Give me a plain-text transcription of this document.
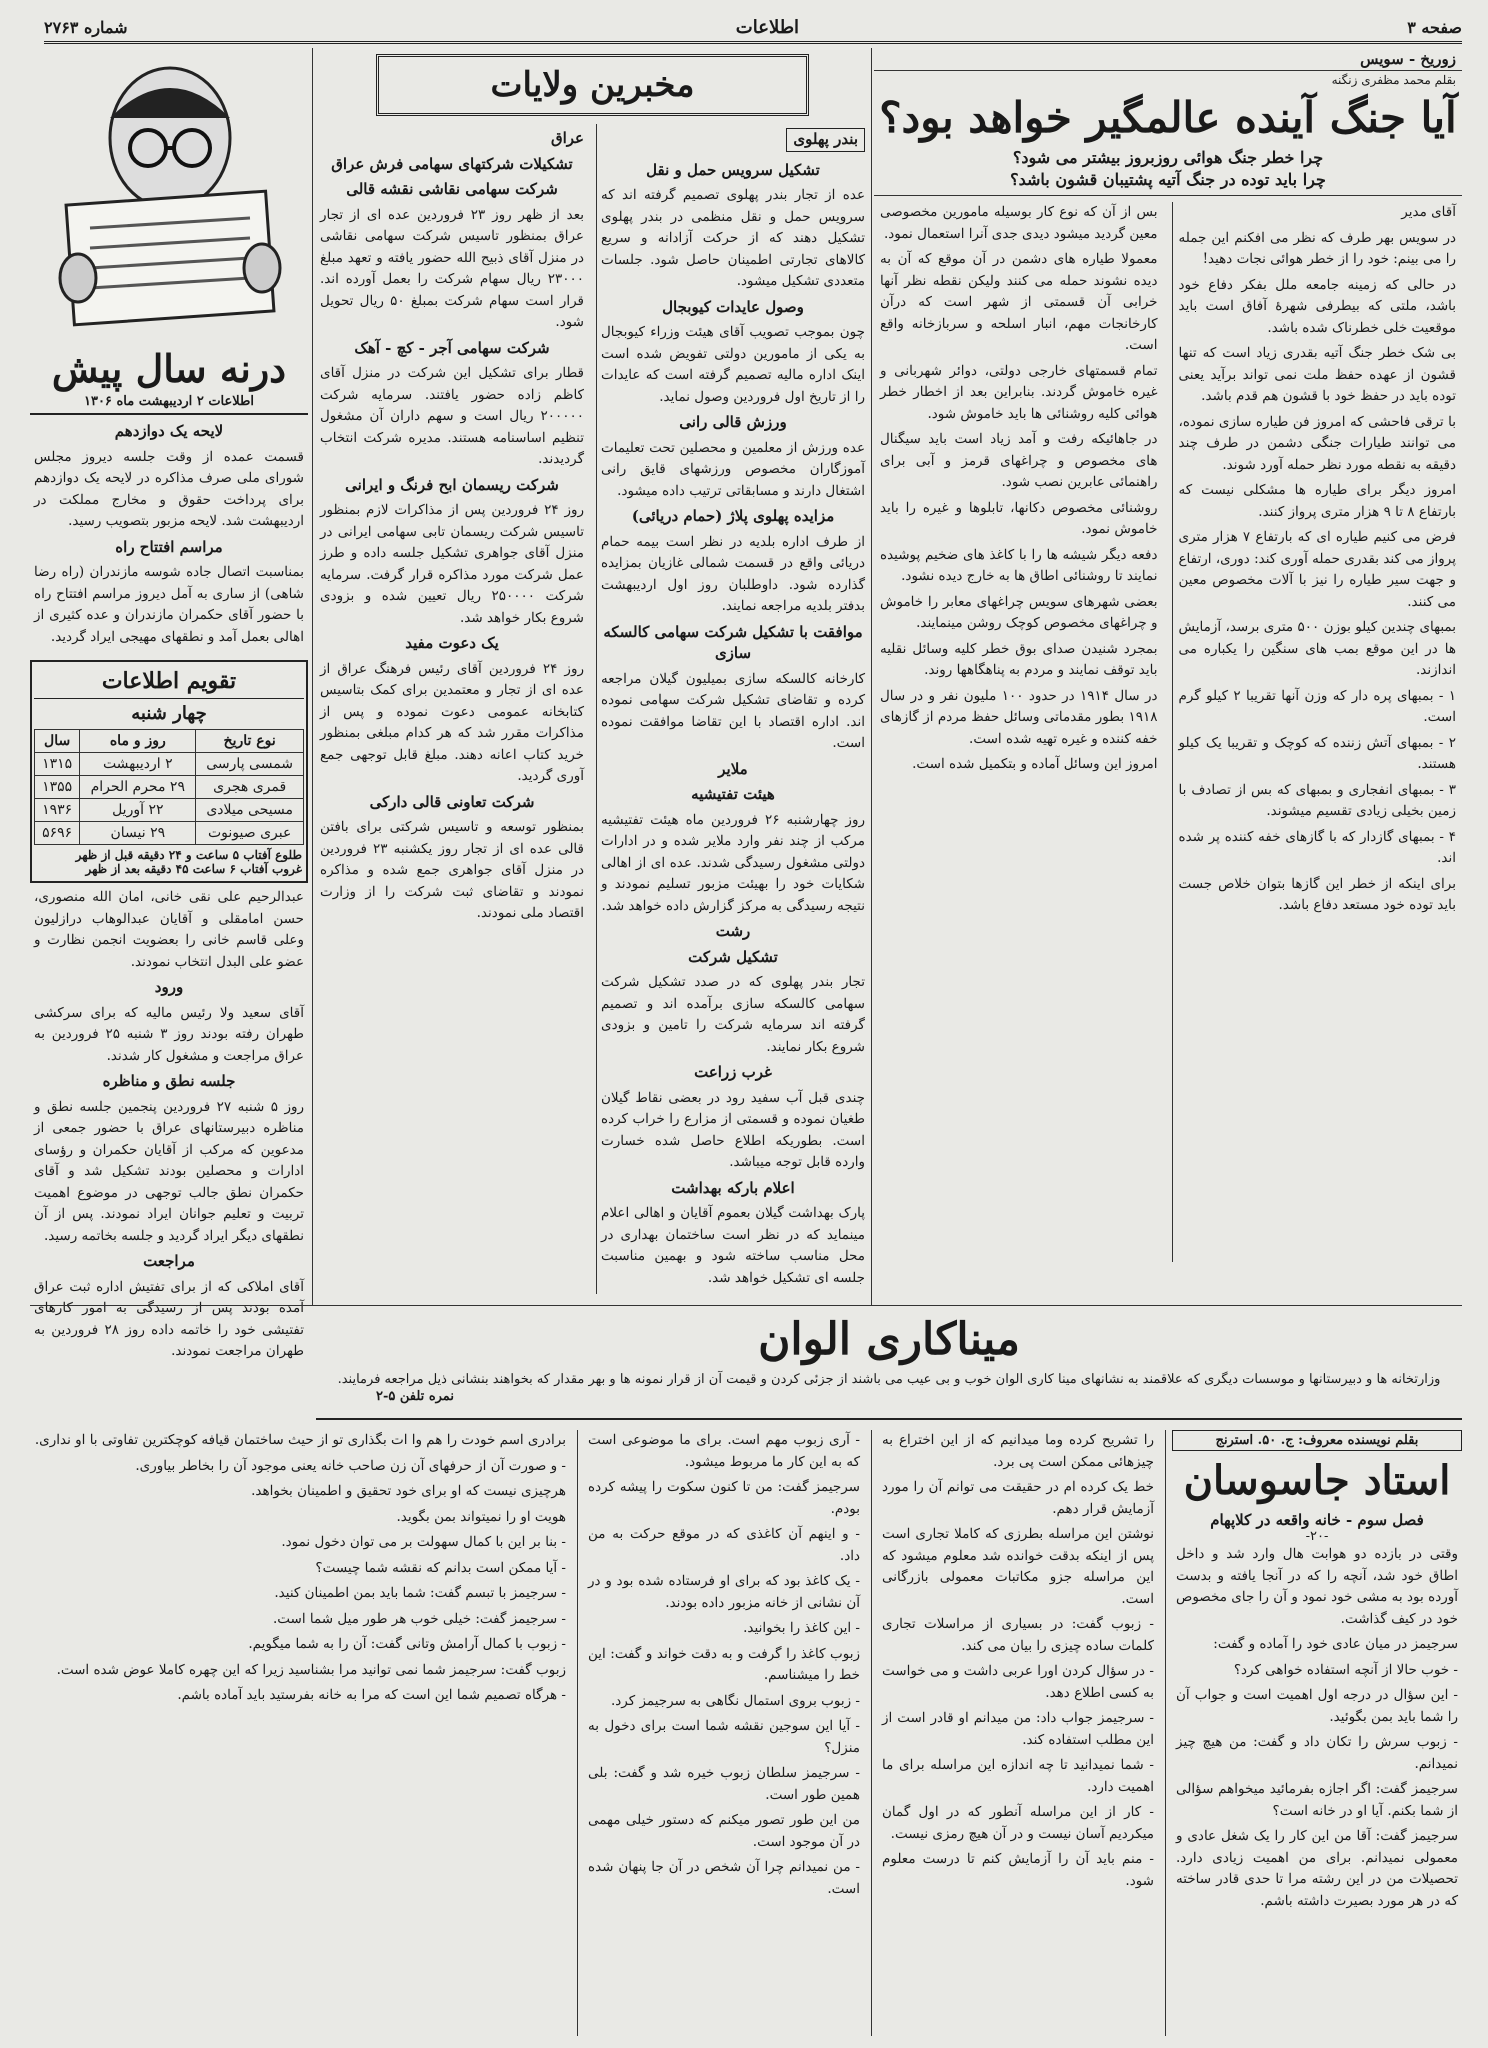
صفحه ۳
اطلاعات
شماره ۲۷۶۳
زوریخ - سویس
بقلم محمد مظفری زنگنه
آیا جنگ آینده عالمگیر خواهد بود؟
چرا خطر جنگ هوائی روزبروز بیشتر می شود؟
چرا باید توده در جنگ آتیه پشتیبان قشون باشد؟

آقای مدیر

در سویس بهر طرف که نظر می افکنم این جمله را می بینم: خود را از خطر هوائی نجات دهید!

در حالی که زمینه جامعه ملل بفکر دفاع خود باشد، ملتی که بیطرفی شهرهٔ آفاق است باید موقعیت خلی خطرناک شده باشد.

بی شک خطر جنگ آتیه بقدری زیاد است که تنها قشون از عهده حفظ ملت نمی تواند برآید یعنی توده باید در حفظ خود با قشون هم قدم باشد.

با ترقی فاحشی که امروز فن طیاره سازی نموده، می توانند طیارات جنگی دشمن در طرف چند دقیقه به نقطه مورد نظر حمله آورد شوند.

امروز دیگر برای طیاره ها مشکلی نیست که بارتفاع ۸ تا ۹ هزار متری پرواز کنند.

فرض می کنیم طیاره ای که بارتفاع ۷ هزار متری پرواز می کند بقدری حمله آوری کند: دوری، ارتفاع و جهت سیر طیاره را نیز با آلات مخصوص معین می کنند.

بمبهای چندین کیلو بوزن ۵۰۰ متری برسد، آزمایش ها در این موقع بمب های سنگین را یکباره می اندازند.

۱ - بمبهای پره دار که وزن آنها تقریبا ۲ کیلو گرم است.

۲ - بمبهای آتش زننده که کوچک و تقریبا یک کیلو هستند.

۳ - بمبهای انفجاری و بمبهای که بس از تصادف با زمین بخیلی زیادی تقسیم میشوند.

۴ - بمبهای گازدار که با گازهای خفه کننده پر شده اند.

برای اینکه از خطر این گازها بتوان خلاص جست باید توده خود مستعد دفاع باشد.

بس از آن که نوع کار بوسیله مامورین مخصوصی معین گردید میشود دیدی جدی آنرا استعمال نمود.

معمولا طیاره های دشمن در آن موقع که آن به دیده نشوند حمله می کنند ولیکن نقطه نظر آنها خرابی آن قسمتی از شهر است که درآن کارخانجات مهم، انبار اسلحه و سربازخانه واقع است.

تمام قسمتهای خارجی دولتی، دوائر شهربانی و غیره خاموش گردند. بنابراین بعد از اخطار خطر هوائی کلیه روشنائی ها باید خاموش شود.

در جاهائیکه رفت و آمد زیاد است باید سیگنال های مخصوص و چراغهای قرمز و آبی برای راهنمائی عابرین نصب شود.

روشنائی مخصوص دکانها، تابلوها و غیره را باید خاموش نمود.

دفعه دیگر شیشه ها را با کاغذ های ضخیم پوشیده نمایند تا روشنائی اطاق ها به خارج دیده نشود.

بعضی شهرهای سویس چراغهای معابر را خاموش و چراغهای مخصوص کوچک روشن مینمایند.

بمجرد شنیدن صدای بوق خطر کلیه وسائل نقلیه باید توقف نمایند و مردم به پناهگاهها روند.

در سال ۱۹۱۴ در حدود ۱۰۰ ملیون نفر و در سال ۱۹۱۸ بطور مقدماتی وسائل حفظ مردم از گازهای خفه کننده و غیره تهیه شده است.

امروز این وسائل آماده و بتکمیل شده است.

مخبرین ولایات
بندر پهلوی
تشکیل سرویس حمل و نقل

عده از تجار بندر پهلوی تصمیم گرفته اند که سرویس حمل و نقل منظمی در بندر پهلوی تشکیل دهند که از حرکت آزادانه و سریع کالاهای تجارتی اطمینان حاصل شود. جلسات متعددی تشکیل میشود.

وصول عایدات کیوبجال

چون بموجب تصویب آقای هیئت وزراء کیوبجال به یکی از مامورین دولتی تفویض شده است اینک اداره مالیه تصمیم گرفته است که عایدات را از تاریخ اول فروردین وصول نماید.

ورزش قالی رانی

عده ورزش از معلمین و محصلین تحت تعلیمات آموزگاران مخصوص ورزشهای قایق رانی اشتغال دارند و مسابقاتی ترتیب داده میشود.

مزایده پهلوی پلاژ (حمام دریائی)

از طرف اداره بلدیه در نظر است بیمه حمام دریائی واقع در قسمت شمالی غازیان بمزایده گذارده شود. داوطلبان روز اول اردیبهشت بدفتر بلدیه مراجعه نمایند.

موافقت با تشکیل شرکت سهامی کالسکه سازی

کارخانه کالسکه سازی بمیلیون گیلان مراجعه کرده و تقاضای تشکیل شرکت سهامی نموده اند. اداره اقتصاد با این تقاضا موافقت نموده است.

ملایر
هیئت تفتیشیه

روز چهارشنبه ۲۶ فروردین ماه هیئت تفتیشیه مرکب از چند نفر وارد ملایر شده و در ادارات دولتی مشغول رسیدگی شدند. عده ای از اهالی شکایات خود را بهیئت مزبور تسلیم نمودند و نتیجه رسیدگی به مرکز گزارش داده خواهد شد.

رشت
تشکیل شرکت

تجار بندر پهلوی که در صدد تشکیل شرکت سهامی کالسکه سازی برآمده اند و تصمیم گرفته اند سرمایه شرکت را تامین و بزودی شروع بکار نمایند.

غرب زراعت

چندی قبل آب سفید رود در بعضی نقاط گیلان طغیان نموده و قسمتی از مزارع را خراب کرده است. بطوریکه اطلاع حاصل شده خسارت وارده قابل توجه میباشد.

اعلام بارکه بهداشت

پارک بهداشت گیلان بعموم آقایان و اهالی اعلام مینماید که در نظر است ساختمان بهداری در محل مناسب ساخته شود و بهمین مناسبت جلسه ای تشکیل خواهد شد.

عراق
تشکیلات شرکتهای سهامی فرش عراق
شرکت سهامی نقاشی نقشه قالی

بعد از ظهر روز ۲۳ فروردین عده ای از تجار عراق بمنظور تاسیس شرکت سهامی نقاشی در منزل آقای ذبیح الله حضور یافته و تعهد مبلغ ۲۳۰۰۰ ریال سهام شرکت را بعمل آورده اند. قرار است سهام شرکت بمبلغ ۵۰ ریال تحویل شود.

شرکت سهامی آجر - کچ - آهک

قطار برای تشکیل این شرکت در منزل آقای کاظم زاده حضور یافتند. سرمایه شرکت ۲۰۰۰۰۰ ریال است و سهم داران آن مشغول تنظیم اساسنامه هستند. مدیره شرکت انتخاب گردیدند.

شرکت ریسمان ابح فرنگ و ایرانی

روز ۲۴ فروردین پس از مذاکرات لازم بمنظور تاسیس شرکت ریسمان تابی سهامی ایرانی در منزل آقای جواهری تشکیل جلسه داده و طرز عمل شرکت مورد مذاکره قرار گرفت. سرمایه شرکت ۲۵۰۰۰۰ ریال تعیین شده و بزودی شروع بکار خواهد شد.

یک دعوت مفید

روز ۲۴ فروردین آقای رئیس فرهنگ عراق از عده ای از تجار و معتمدین برای کمک بتاسیس کتابخانه عمومی دعوت نموده و پس از مذاکرات مقرر شد که هر کدام مبلغی بمنظور خرید کتاب اعانه دهند. مبلغ قابل توجهی جمع آوری گردید.

شرکت تعاونی قالی دارکی

بمنظور توسعه و تاسیس شرکتی برای بافتن قالی عده ای از تجار روز یکشنبه ۲۳ فروردین در منزل آقای جواهری جمع شده و مذاکره نمودند و تقاضای ثبت شرکت را از وزارت اقتصاد ملی نمودند.

درنه سال پیش
اطلاعات ۲ اردیبهشت ماه ۱۳۰۶
لایحه یک دوازدهم

قسمت عمده از وقت جلسه دیروز مجلس شورای ملی صرف مذاکره در لایحه یک دوازدهم برای پرداخت حقوق و مخارج مملکت در اردیبهشت شد. لایحه مزبور بتصویب رسید.

مراسم افتتاح راه

بمناسبت اتصال جاده شوسه مازندران (راه رضا شاهی) از ساری به آمل دیروز مراسم افتتاح راه با حضور آقای حکمران مازندران و عده کثیری از اهالی بعمل آمد و نطقهای مهیجی ایراد گردید.

تقویم اطلاعات
چهار شنبه
نوع تاریخ	روز و ماه	سال
شمسی پارسی	۲ اردیبهشت	۱۳۱۵
قمری هجری	۲۹ محرم الحرام	۱۳۵۵
مسیحی میلادی	۲۲ آوریل	۱۹۳۶
عبری صیونوت	۲۹ نیسان	۵۶۹۶
طلوع آفتاب ۵ ساعت و ۲۴ دقیقه قبل از ظهر
غروب آفتاب ۶ ساعت ۴۵ دقیقه بعد از ظهر

عبدالرحیم علی نقی خانی، امان الله منصوری، حسن امامقلی و آقایان عبدالوهاب درازلیون وعلی قاسم خانی را بعضویت انجمن نظارت و عضو علی البدل انتخاب نمودند.

ورود

آقای سعید ولا رئیس مالیه که برای سرکشی طهران رفته بودند روز ۳ شنبه ۲۵ فروردین به عراق مراجعت و مشغول کار شدند.

جلسه نطق و مناظره

روز ۵ شنبه ۲۷ فروردین پنجمین جلسه نطق و مناظره دبیرستانهای عراق با حضور جمعی از مدعوین که مرکب از آقایان حکمران و رؤسای ادارات و محصلین بودند تشکیل شد و آقای حکمران نطق جالب توجهی در موضوع اهمیت تربیت و تعلیم جوانان ایراد نمودند. پس از آن نطقهای دیگر ایراد گردید و جلسه بخاتمه رسید.

مراجعت

آقای املاکی که از برای تفتیش اداره ثبت عراق آمده بودند پس از رسیدگی به امور کارهای تفتیشی خود را خاتمه داده روز ۲۸ فروردین به طهران مراجعت نمودند.	میناکاری الوان
وزارتخانه ها و دبیرستانها و موسسات دیگری که علاقمند به نشانهای مینا کاری الوان خوب و بی عیب می باشند از جزئی کردن و قیمت آن از قرار نمونه ها و بهر مقدار که بخواهند بنشانی ذیل مراجعه فرمایند.
نمره تلفن ۵-۲
بقلم نویسنده معروف: ج. ۵۰. استرنج
استاد جاسوسان
فصل سوم - خانه واقعه در کلاپهام
-۲۰-

وقتی در بازده دو هوابت هال وارد شد و داخل اطاق خود شد، آنچه را که در آنجا یافته و بدست آورده بود به مشی خود نمود و آن را جای مخصوص خود در کیف گذاشت.

سرجیمز در میان عادی خود را آماده و گفت:

- خوب حالا از آنچه استفاده خواهی کرد؟

- این سؤال در درجه اول اهمیت است و جواب آن را شما باید بمن بگوئید.

- زبوب سرش را تکان داد و گفت: من هیچ چیز نمیدانم.

سرجیمز گفت: اگر اجازه بفرمائید میخواهم سؤالی از شما بکنم. آیا او در خانه است؟

سرجیمز گفت: آقا من این کار را یک شغل عادی و معمولی نمیدانم. برای من اهمیت زیادی دارد. تحصیلات من در این رشته مرا تا حدی قادر ساخته که در هر مورد بصیرت داشته باشم.

را تشریح کرده وما میدانیم که از این اختراع به چیزهائی ممکن است پی برد.

خط یک کرده ام در حقیقت می توانم آن را مورد آزمایش قرار دهم.

نوشتن این مراسله بطرزی که کاملا تجاری است پس از اینکه بدقت خوانده شد معلوم میشود که این مراسله جزو مکاتبات معمولی بازرگانی است.

- زبوب گفت: در بسیاری از مراسلات تجاری کلمات ساده چیزی را بیان می کند.

- در سؤال کردن اورا عربی داشت و می خواست به کسی اطلاع دهد.

- سرجیمز جواب داد: من میدانم او قادر است از این مطلب استفاده کند.

- شما نمیدانید تا چه اندازه این مراسله برای ما اهمیت دارد.

- کار از این مراسله آنطور که در اول گمان میکردیم آسان نیست و در آن هیچ رمزی نیست.

- منم باید آن را آزمایش کنم تا درست معلوم شود.

- آری زبوب مهم است. برای ما موضوعی است که به این کار ما مربوط میشود.

سرجیمز گفت: من تا کنون سکوت را پیشه کرده بودم.

- و اینهم آن کاغذی که در موقع حرکت به من داد.

- یک کاغذ بود که برای او فرستاده شده بود و در آن نشانی از خانه مزبور داده بودند.

- این کاغذ را بخوانید.

زبوب کاغذ را گرفت و به دقت خواند و گفت: این خط را میشناسم.

- زبوب بروی استمال نگاهی به سرجیمز کرد.

- آیا این سوجین نقشه شما است برای دخول به منزل؟

- سرجیمز سلطان زبوب خیره شد و گفت: بلی همین طور است.

من این طور تصور میکنم که دستور خیلی مهمی در آن موجود است.

- من نمیدانم چرا آن شخص در آن جا پنهان شده است.

برادری اسم خودت را هم وا ات بگذاری تو از حیث ساختمان قیافه کوچکترین تفاوتی با او نداری.

- و صورت آن از حرفهای آن زن صاحب خانه یعنی موجود آن را بخاطر بیاوری.

هرچیزی نیست که او برای خود تحقیق و اطمینان بخواهد.

هویت او را نمیتواند بمن بگوید.

- بنا بر این با کمال سهولت بر می توان دخول نمود.

- آیا ممکن است بدانم که نقشه شما چیست؟

- سرجیمز با تبسم گفت: شما باید بمن اطمینان کنید.

- سرجیمز گفت: خیلی خوب هر طور میل شما است.

- زبوب با کمال آرامش وتانی گفت: آن را به شما میگویم.

زبوب گفت: سرجیمز شما نمی توانید مرا بشناسید زیرا که این چهره کاملا عوض شده است.

- هرگاه تصمیم شما این است که مرا به خانه بفرستید باید آماده باشم.
